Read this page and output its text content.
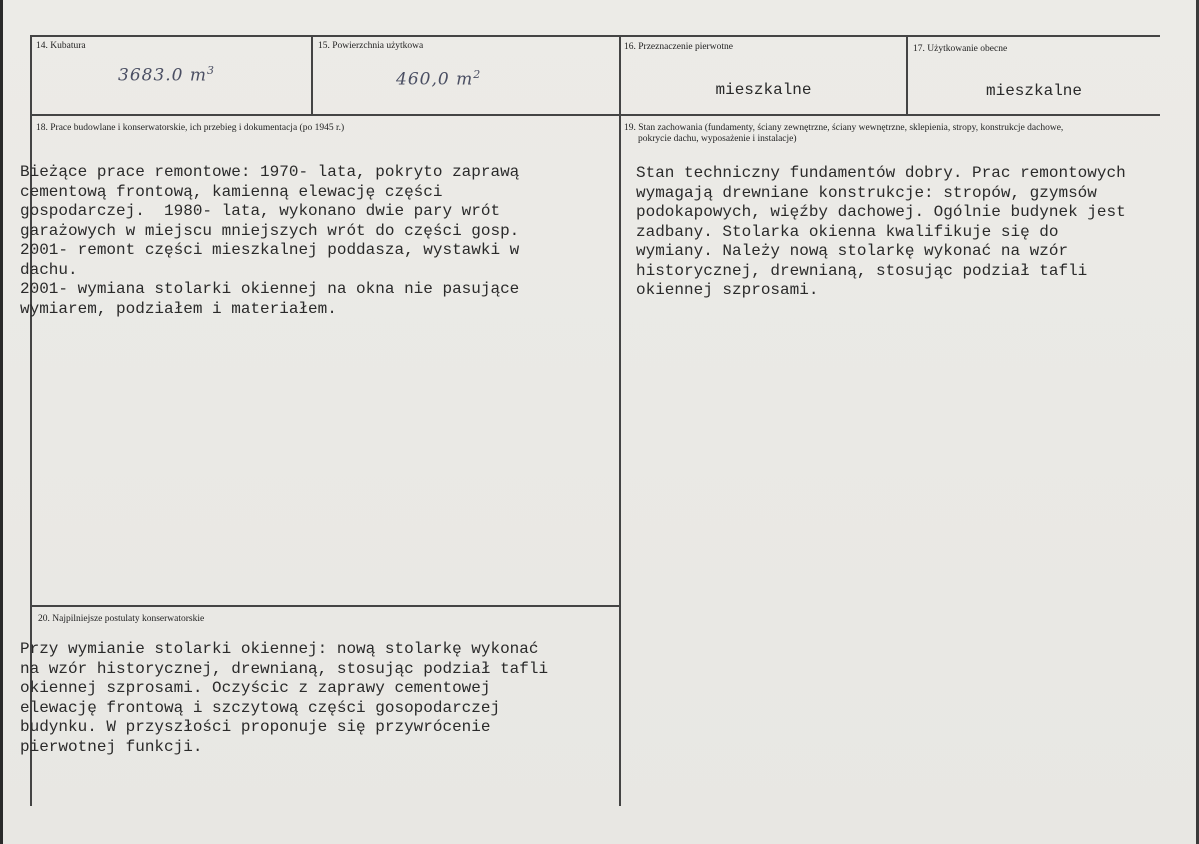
14. Kubatura
3683.0 $m^3$
15. Powierzchnia użytkowa
460,0 $m^2$
16. Przeznaczenie pierwotne
mieszkalne
17. Użytkowanie obecne
mieszkalne
18. Prace budowlane i konserwatorskie, ich przebieg i dokumentacja (po 1945 r.)
Bieżące prace remontowe: 1970- lata, pokryto zaprawą
cementową frontową, kamienną elewację części
gospodarczej.  1980- lata, wykonano dwie pary wrót
garażowych w miejscu mniejszych wrót do części gosp.
2001- remont części mieszkalnej poddasza, wystawki w
dachu.
2001- wymiana stolarki okiennej na okna nie pasujące
wymiarem, podziałem i materiałem.
19. Stan zachowania (fundamenty, ściany zewnętrzne, ściany wewnętrzne, sklepienia, stropy, konstrukcje dachowe,
pokrycie dachu, wyposażenie i instalacje)
Stan techniczny fundamentów dobry. Prac remontowych
wymagają drewniane konstrukcje: stropów, gzymsów
podokapowych, więźby dachowej. Ogólnie budynek jest
zadbany. Stolarka okienna kwalifikuje się do
wymiany. Należy nową stolarkę wykonać na wzór
historycznej, drewnianą, stosując podział tafli
okiennej szprosami.
20. Najpilniejsze postulaty konserwatorskie
Przy wymianie stolarki okiennej: nową stolarkę wykonać
na wzór historycznej, drewnianą, stosując podział tafli
okiennej szprosami. Oczyścic z zaprawy cementowej
elewację frontową i szczytową części gosopodarczej
budynku. W przyszłości proponuje się przywrócenie
pierwotnej funkcji.
